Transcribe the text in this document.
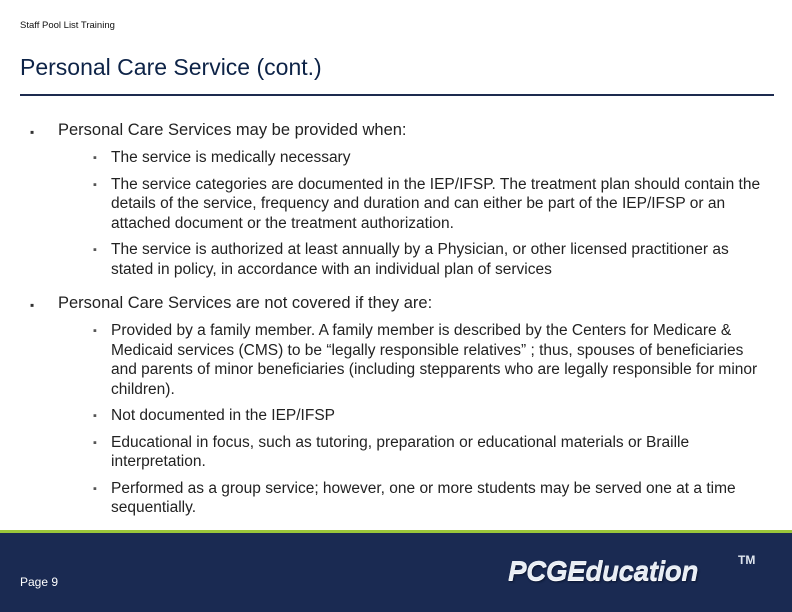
Staff Pool List Training
Personal Care Service (cont.)
▪ Personal Care Services may be provided when:
▪ The service is medically necessary
▪ The service categories are documented in the IEP/IFSP. The treatment plan should contain the details of the service, frequency and duration and can either be part of the IEP/IFSP or an attached document or the treatment authorization.
▪ The service is authorized at least annually by a Physician, or other licensed practitioner as stated in policy, in accordance with an individual plan of services
▪ Personal Care Services are not covered if they are:
▪ Provided by a family member. A family member is described by the Centers for Medicare & Medicaid services (CMS) to be “legally responsible relatives” ; thus, spouses of beneficiaries and parents of minor beneficiaries (including stepparents who are legally responsible for minor children).
▪ Not documented in the IEP/IFSP
▪ Educational in focus, such as tutoring, preparation or educational materials or Braille interpretation.
▪ Performed as a group service; however, one or more students may be served one at a time sequentially.
Page 9	PCGEducation	TM
